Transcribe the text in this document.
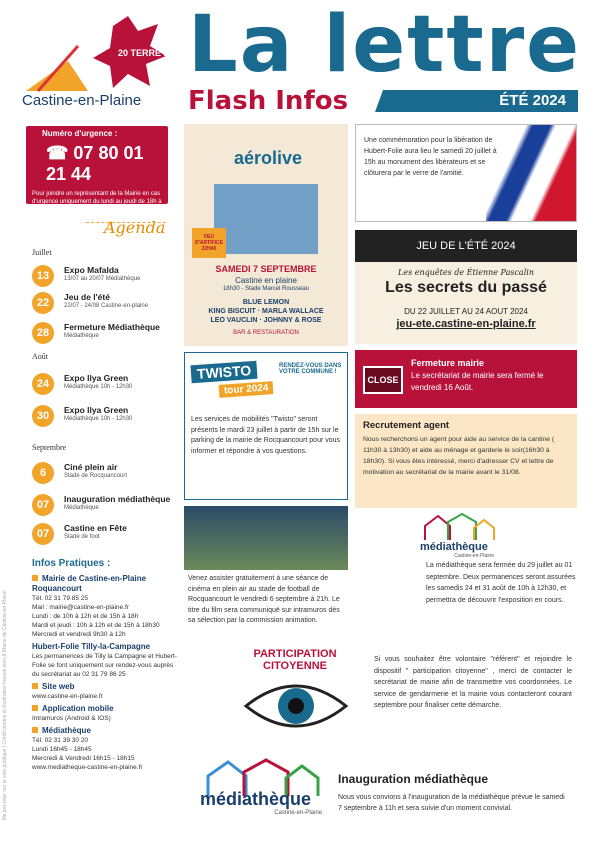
20 TERRE DE JEUX 24
Castine-en-Plaine
La lettre
Flash Infos	ÉTÉ 2024
Numéro d'urgence :
☎ 07 80 01 21 44
Pour joindre un représentant de la Mairie en cas d'urgence uniquement du lundi au jeudi de 18h à 8h et du vendredi 17h au lundi 8h.
Agenda
Juillet
13	Expo Mafalda
13/07 au 20/07 Médiathèque
22	Jeu de l'été
22/07 - 24/08 Castine-en-plaine
28	Fermeture Médiathèque
Médiathèque
Août
24	Expo Ilya Green
Médiathèque 10h - 12h30
30	Expo Ilya Green
Médiathèque 10h - 12h30
Septembre
6	Ciné plein air
Stade de Rocquancourt
07	Inauguration médiathèque
Médiathèque
07	Castine en Fête
Stade de foot
Infos Pratiques :
Mairie de Castine-en-Plaine Roquancourt
Tél. 02 31 79 85 25
Mail : mairie@castine-en-plaine.fr
Lundi : de 10h à 12h et de 15h à 18h
Mardi et jeudi : 10h à 12h et de 15h à 18h30
Mercredi et vendredi 9h30 à 12h
Hubert-Folie Tilly-la-Campagne
Les permanences de Tilly la Campagne et Hubert-Folie se font uniquement sur rendez-vous auprès du secrétariat au 02 31 79 86 25
Site web
www.castine-en-plaine.fr
Application mobile
Intramuros (Android & IOS)
Médiathèque
Tél. 02 31 39 30 20
Lundi 16h45 - 18h45
Mercredi & Vendredi 16h15 - 18h15
www.mediatheque-castine-en-plaine.fr
Ne pas jeter sur la voie publique | Crédit photos et illustration freepik.com & Mairie de Castine-en-Plaine
aérolive
FEU D'ARTIFICE 22H45
SAMEDI 7 SEPTEMBRE
Castine en plaine
18h30 - Stade Marcel Rousseau
BLUE LEMON
KING BISCUIT · MARLA WALLACE
LEO VAUCLIN · JOHNNY & ROSE
BAR & RESTAURATION
TWISTO
tour 2024
RENDEZ-VOUS DANS VOTRE COMMUNE !
Les services de mobilités "Twisto" seront présents le mardi 23 juillet à partir de 15h sur le parking de la mairie de Rocquancourt pour vous informer et répondre à vos questions.
Venez assister gratuitement à une séance de cinéma en plein air au stade de football de Rocquancourt le vendredi 6 septembre à 21h. Le titre du film sera communiqué sur intramuros dès sa sélection par la commission animation.
Une commémoration pour la libération de Hubert-Folie aura lieu le samedi 20 juillet à 15h au monument des libérateurs et se clôturera par le verre de l'amitié.
JEU DE L'ÉTÉ 2024
Les enquêtes de Étienne Pascalin
Les secrets du passé
DU 22 JUILLET AU 24 AOUT 2024
jeu-ete.castine-en-plaine.fr
CLOSE
Fermeture mairie
Le secrétariat de mairie sera fermé le vendredi 16 Août.
Recrutement agent
Nous recherchons un agent pour aide au service de la cantine ( 11h30 à 13h30) et aide au ménage et garderie le soir(16h30 à 18h30). Si vous êtes intéressé, merci d'adresser CV et lettre de motivation au secrétariat de la mairie avant le 31/08.
médiathèque
Castine-en-Plaine
La médiathèque sera fermée du 29 juillet au 01 septembre. Deux permanences seront assurées les samedis 24 et 31 août de 10h à 12h30, et permettra de découvrir l'exposition en cours.
PARTICIPATION CITOYENNE
Si vous souhaitez être volontaire "référent" et rejoindre le dispositif " participation citoyenne" , merci de contacter le secrétariat de mairie afin de transmettre vos coordonnées. Le service de gendarmerie et la mairie vous contacteront courant septembre pour finaliser cette démarche.
médiathèque
Castine-en-Plaine
Inauguration médiathèque
Nous vous convions à l'inauguration de la médiathèque prévue le samedi 7 septembre à 11h et sera suivie d'un moment convivial.
